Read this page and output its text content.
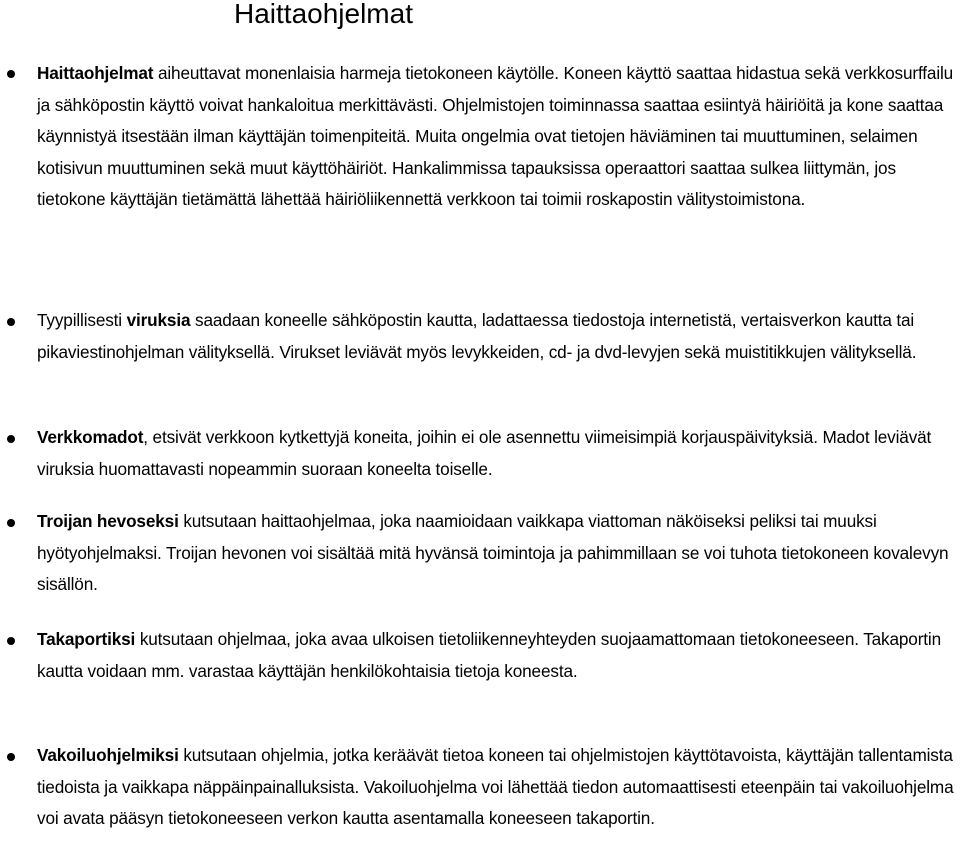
Haittaohjelmat

Haittaohjelmat aiheuttavat monenlaisia harmeja tietokoneen käytölle. Koneen käyttö saattaa hidastua sekä verkkosurffailu ja sähköpostin käyttö voivat hankaloitua merkittävästi. Ohjelmistojen toiminnassa saattaa esiintyä häiriöitä ja kone saattaa käynnistyä itsestään ilman käyttäjän toimenpiteitä. Muita ongelmia ovat tietojen häviäminen tai muuttuminen, selaimen kotisivun muuttuminen sekä muut käyttöhäiriöt. Hankalimmissa tapauksissa operaattori saattaa sulkea liittymän, jos tietokone käyttäjän tietämättä lähettää häiriöliikennettä verkkoon tai toimii roskapostin välitystoimistona.

Tyypillisesti viruksia saadaan koneelle sähköpostin kautta, ladattaessa tiedostoja internetistä, vertaisverkon kautta tai pikaviestinohjelman välityksellä. Virukset leviävät myös levykkeiden, cd- ja dvd-levyjen sekä muistitikkujen välityksellä.

Verkkomadot, etsivät verkkoon kytkettyjä koneita, joihin ei ole asennettu viimeisimpiä korjauspäivityksiä. Madot leviävät viruksia huomattavasti nopeammin suoraan koneelta toiselle.

Troijan hevoseksi kutsutaan haittaohjelmaa, joka naamioidaan vaikkapa viattoman näköiseksi peliksi tai muuksi hyötyohjelmaksi. Troijan hevonen voi sisältää mitä hyvänsä toimintoja ja pahimmillaan se voi tuhota tietokoneen kovalevyn sisällön.

Takaportiksi kutsutaan ohjelmaa, joka avaa ulkoisen tietoliikenneyhteyden suojaamattomaan tietokoneeseen. Takaportin kautta voidaan mm. varastaa käyttäjän henkilökohtaisia tietoja koneesta.

Vakoiluohjelmiksi kutsutaan ohjelmia, jotka keräävät tietoa koneen tai ohjelmistojen käyttötavoista, käyttäjän tallentamista tiedoista ja vaikkapa näppäinpainalluksista. Vakoiluohjelma voi lähettää tiedon automaattisesti eteenpäin tai vakoiluohjelma voi avata pääsyn tietokoneeseen verkon kautta asentamalla koneeseen takaportin.
